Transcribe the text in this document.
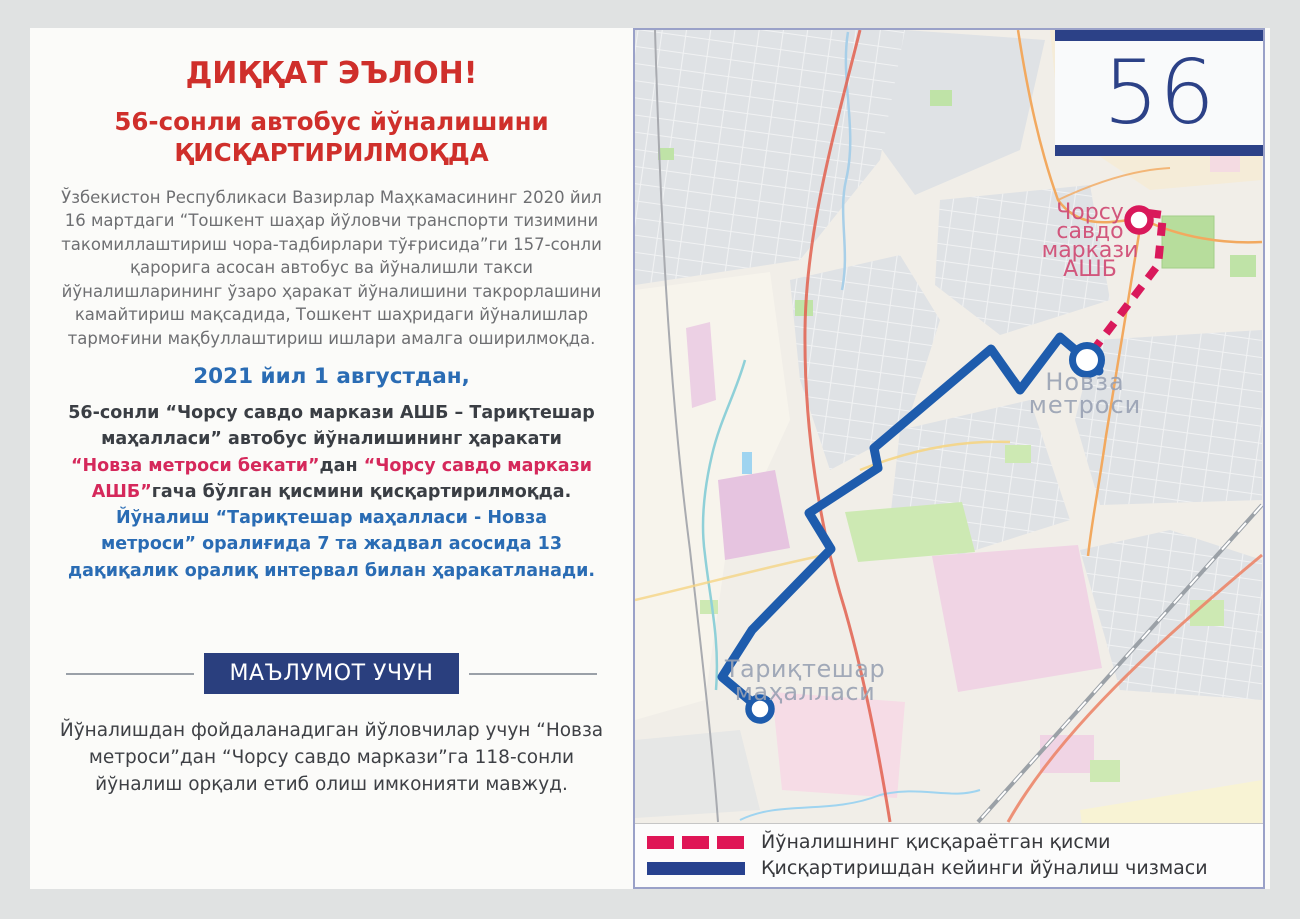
ДИҚҚАТ ЭЪЛОН!
56-сонли автобус йўналишини ҚИСҚАРТИРИЛМОҚДА
Ўзбекистон Республикаси Вазирлар Маҳкамасининг 2020 йил 16 мартдаги “Тошкент шаҳар йўловчи транспорти тизимини такомиллаштириш чора-тадбирлари тўғрисида”ги 157-сонли қарорига асосан автобус ва йўналишли такси йўналишларининг ўзаро ҳаракат йўналишини такрорлашини камайтириш мақсадида, Тошкент шаҳридаги йўналишлар тармоғини мақбуллаштириш ишлари амалга оширилмоқда.
2021 йил 1 августдан,
56-сонли “Чорсу савдо маркази АШБ – Тариқтешар маҳалласи” автобус йўналишининг ҳаракати “Новза метроси бекати”дан “Чорсу савдо маркази АШБ”гача бўлган қисмини қисқартирилмоқда.
Йўналиш “Тариқтешар маҳалласи - Новза метроси” оралиғида 7 та жадвал асосида 13 дақиқалик оралиқ интервал билан ҳаракатланади.
МАЪЛУМОТ УЧУН
Йўналишдан фойдаланадиган йўловчилар учун “Новза метроси”дан “Чорсу савдо маркази”га 118-сонли йўналиш орқали етиб олиш имконияти мавжуд.
Чорсу
савдо
маркази
АШБ
Новза
метроси
Тариқтешар
маҳалласи
56
Йўналишнинг қисқараётган қисми
Қисқартиришдан кейинги йўналиш чизмаси
